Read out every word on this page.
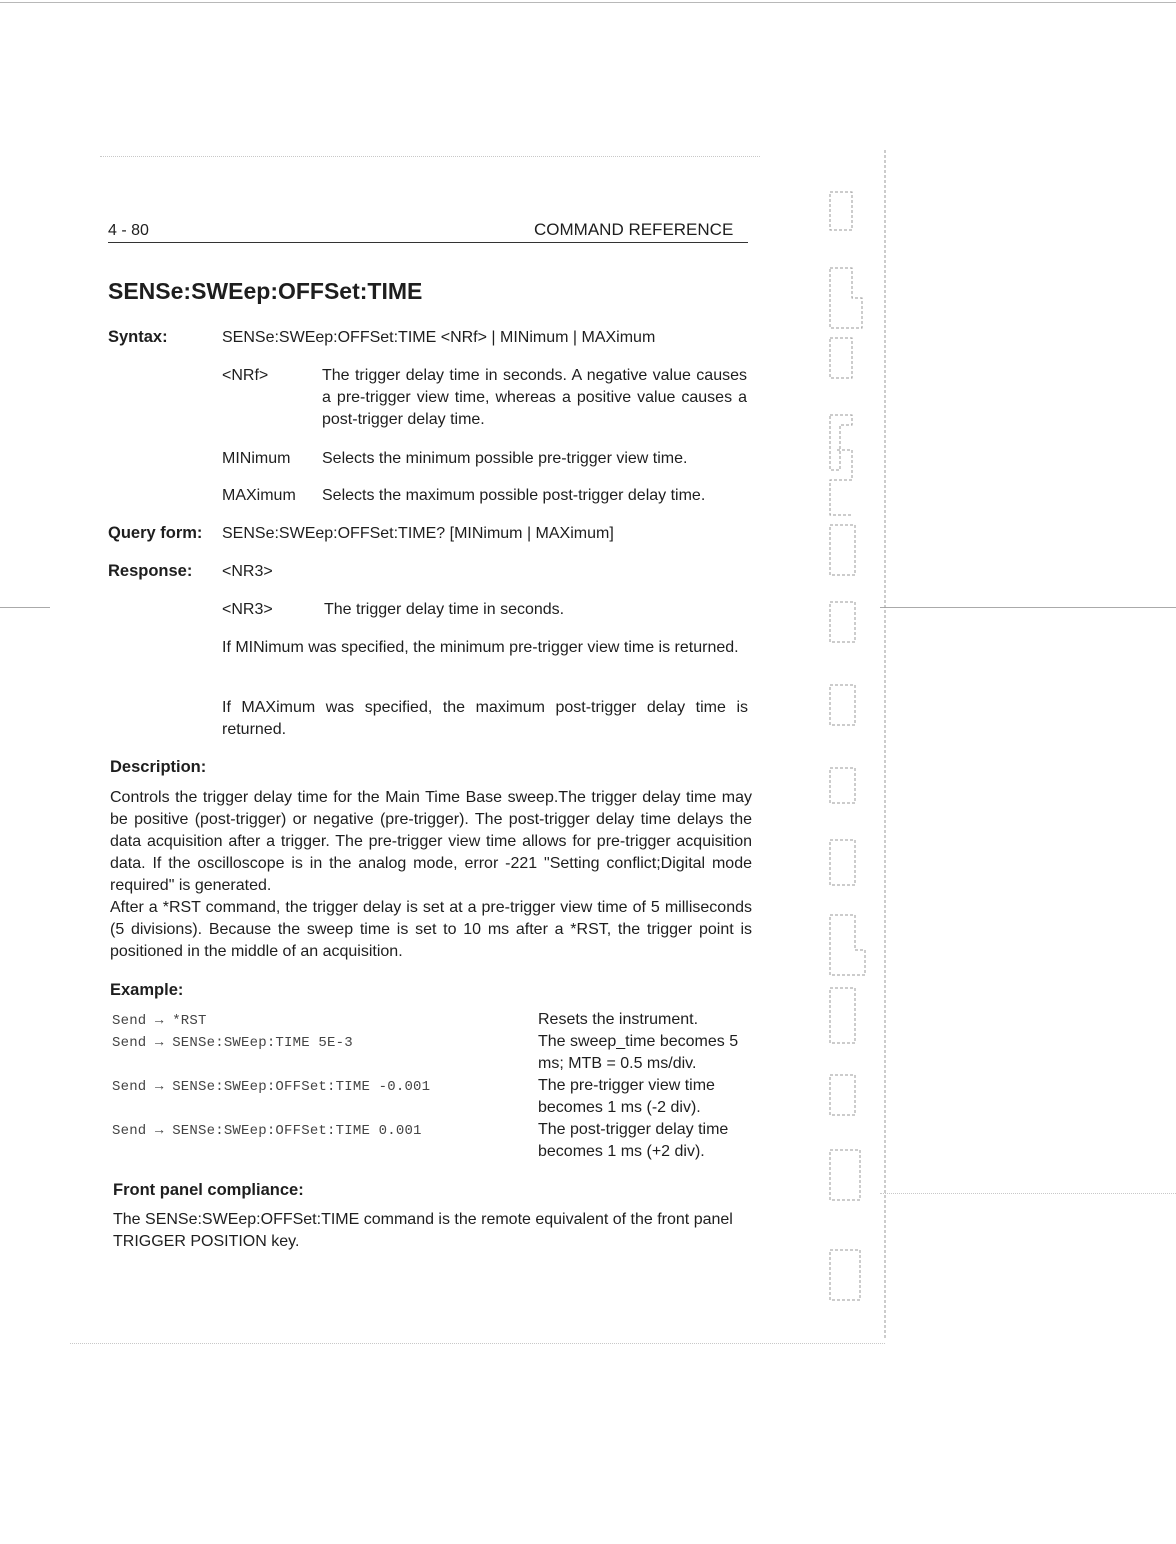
4 - 80	COMMAND REFERENCE
SENSe:SWEep:OFFSet:TIME
Syntax:	SENSe:SWEep:OFFSet:TIME <NRf> | MINimum | MAXimum
<NRf>	The trigger delay time in seconds. A negative value causes a pre-trigger view time, whereas a positive value causes a post-trigger delay time.
MINimum Selects the minimum possible pre-trigger view time.
MAXimum Selects the maximum possible post-trigger delay time.
Query form: SENSe:SWEep:OFFSet:TIME? [MINimum | MAXimum]
Response: <NR3>
<NR3>	The trigger delay time in seconds.
If MINimum was specified, the minimum pre-trigger view time is returned.
If MAXimum was specified, the maximum post-trigger delay time is returned.
Description:
Controls the trigger delay time for the Main Time Base sweep.The trigger delay time may be positive (post-trigger) or negative (pre-trigger). The post-trigger delay time delays the data acquisition after a trigger. The pre-trigger view time allows for pre-trigger acquisition data. If the oscilloscope is in the analog mode, error -221 "Setting conflict;Digital mode required" is generated.
After a *RST command, the trigger delay is set at a pre-trigger view time of 5 milliseconds (5 divisions). Because the sweep time is set to 10 ms after a *RST, the trigger point is positioned in the middle of an acquisition.
Example:
Send → *RST	Resets the instrument.
Send → SENSe:SWEep:TIME 5E-3	The sweep_time becomes 5 ms; MTB = 0.5 ms/div.
Send → SENSe:SWEep:OFFSet:TIME -0.001	The pre-trigger view time becomes 1 ms (-2 div).
Send → SENSe:SWEep:OFFSet:TIME 0.001	The post-trigger delay time becomes 1 ms (+2 div).
Front panel compliance:
The SENSe:SWEep:OFFSet:TIME command is the remote equivalent of the front panel TRIGGER POSITION key.
